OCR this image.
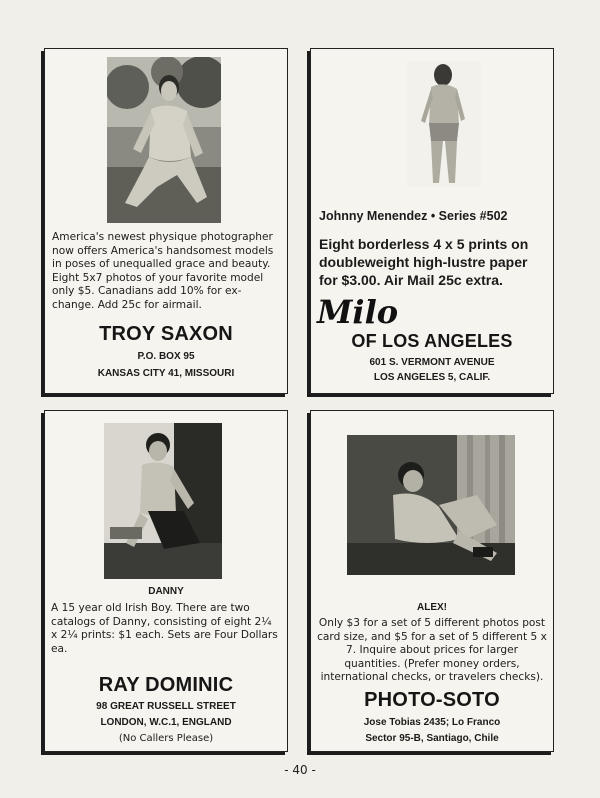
America's newest physique photographer now offers America's handsomest models in poses of unequalled grace and beauty. Eight 5x7 photos of your favorite model only $5. Canadians add 10% for ex-change. Add 25c for airmail.
TROY SAXON
P.O. BOX 95
KANSAS CITY 41, MISSOURI
Johnny Menendez • Series #502
Eight borderless 4 x 5 prints on doubleweight high-lustre paper for $3.00. Air Mail 25c extra.
Milo
OF LOS ANGELES
601 S. VERMONT AVENUE
LOS ANGELES 5, CALIF.
DANNY
A 15 year old Irish Boy. There are two catalogs of Danny, consisting of eight 2¼ x 2¼ prints: $1 each. Sets are Four Dollars ea.
RAY DOMINIC
98 GREAT RUSSELL STREET
LONDON, W.C.1, ENGLAND
(No Callers Please)
ALEX!
Only $3 for a set of 5 different photos post card size, and $5 for a set of 5 different 5 x 7. Inquire about prices for larger quantities. (Prefer money orders, international checks, or travelers checks).
PHOTO-SOTO
Jose Tobias 2435; Lo Franco
Sector 95-B, Santiago, Chile
- 40 -
